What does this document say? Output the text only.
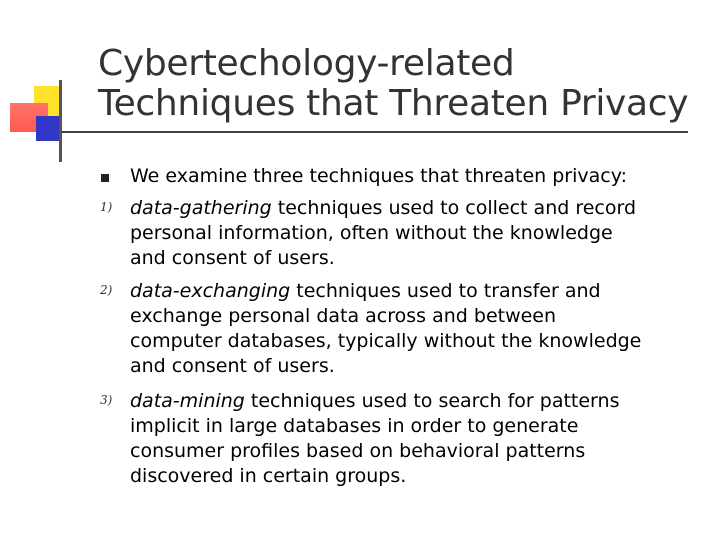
Cybertechology-related
Techniques that Threaten Privacy
We examine three techniques that threaten privacy:
1) data-gathering techniques used to collect and record
personal information, often without the knowledge
and consent of users.
2) data-exchanging techniques used to transfer and
exchange personal data across and between
computer databases, typically without the knowledge
and consent of users.
3) data-mining techniques used to search for patterns
implicit in large databases in order to generate
consumer profiles based on behavioral patterns
discovered in certain groups.
